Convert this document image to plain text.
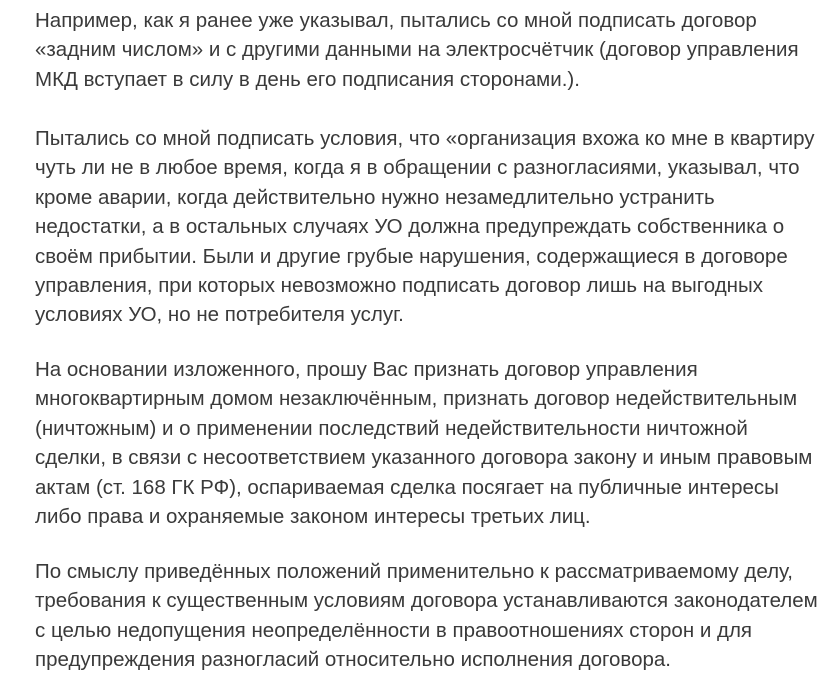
Например, как я ранее уже указывал, пытались со мной подписать договор
«задним числом» и с другими данными на электросчётчик (договор управления
МКД вступает в силу в день его подписания сторонами.).

Пытались со мной подписать условия, что «организация вхожа ко мне в квартиру
чуть ли не в любое время, когда я в обращении с разногласиями, указывал, что
кроме аварии, когда действительно нужно незамедлительно устранить
недостатки, а в остальных случаях УО должна предупреждать собственника о
своём прибытии. Были и другие грубые нарушения, содержащиеся в договоре
управления, при которых невозможно подписать договор лишь на выгодных
условиях УО, но не потребителя услуг.

На основании изложенного, прошу Вас признать договор управления
многоквартирным домом незаключённым, признать договор недействительным
(ничтожным) и о применении последствий недействительности ничтожной
сделки, в связи с несоответствием указанного договора закону и иным правовым
актам (ст. 168 ГК РФ), оспариваемая сделка посягает на публичные интересы
либо права и охраняемые законом интересы третьих лиц.

По смыслу приведённых положений применительно к рассматриваемому делу,
требования к существенным условиям договора устанавливаются законодателем
с целью недопущения неопределённости в правоотношениях сторон и для
предупреждения разногласий относительно исполнения договора.
